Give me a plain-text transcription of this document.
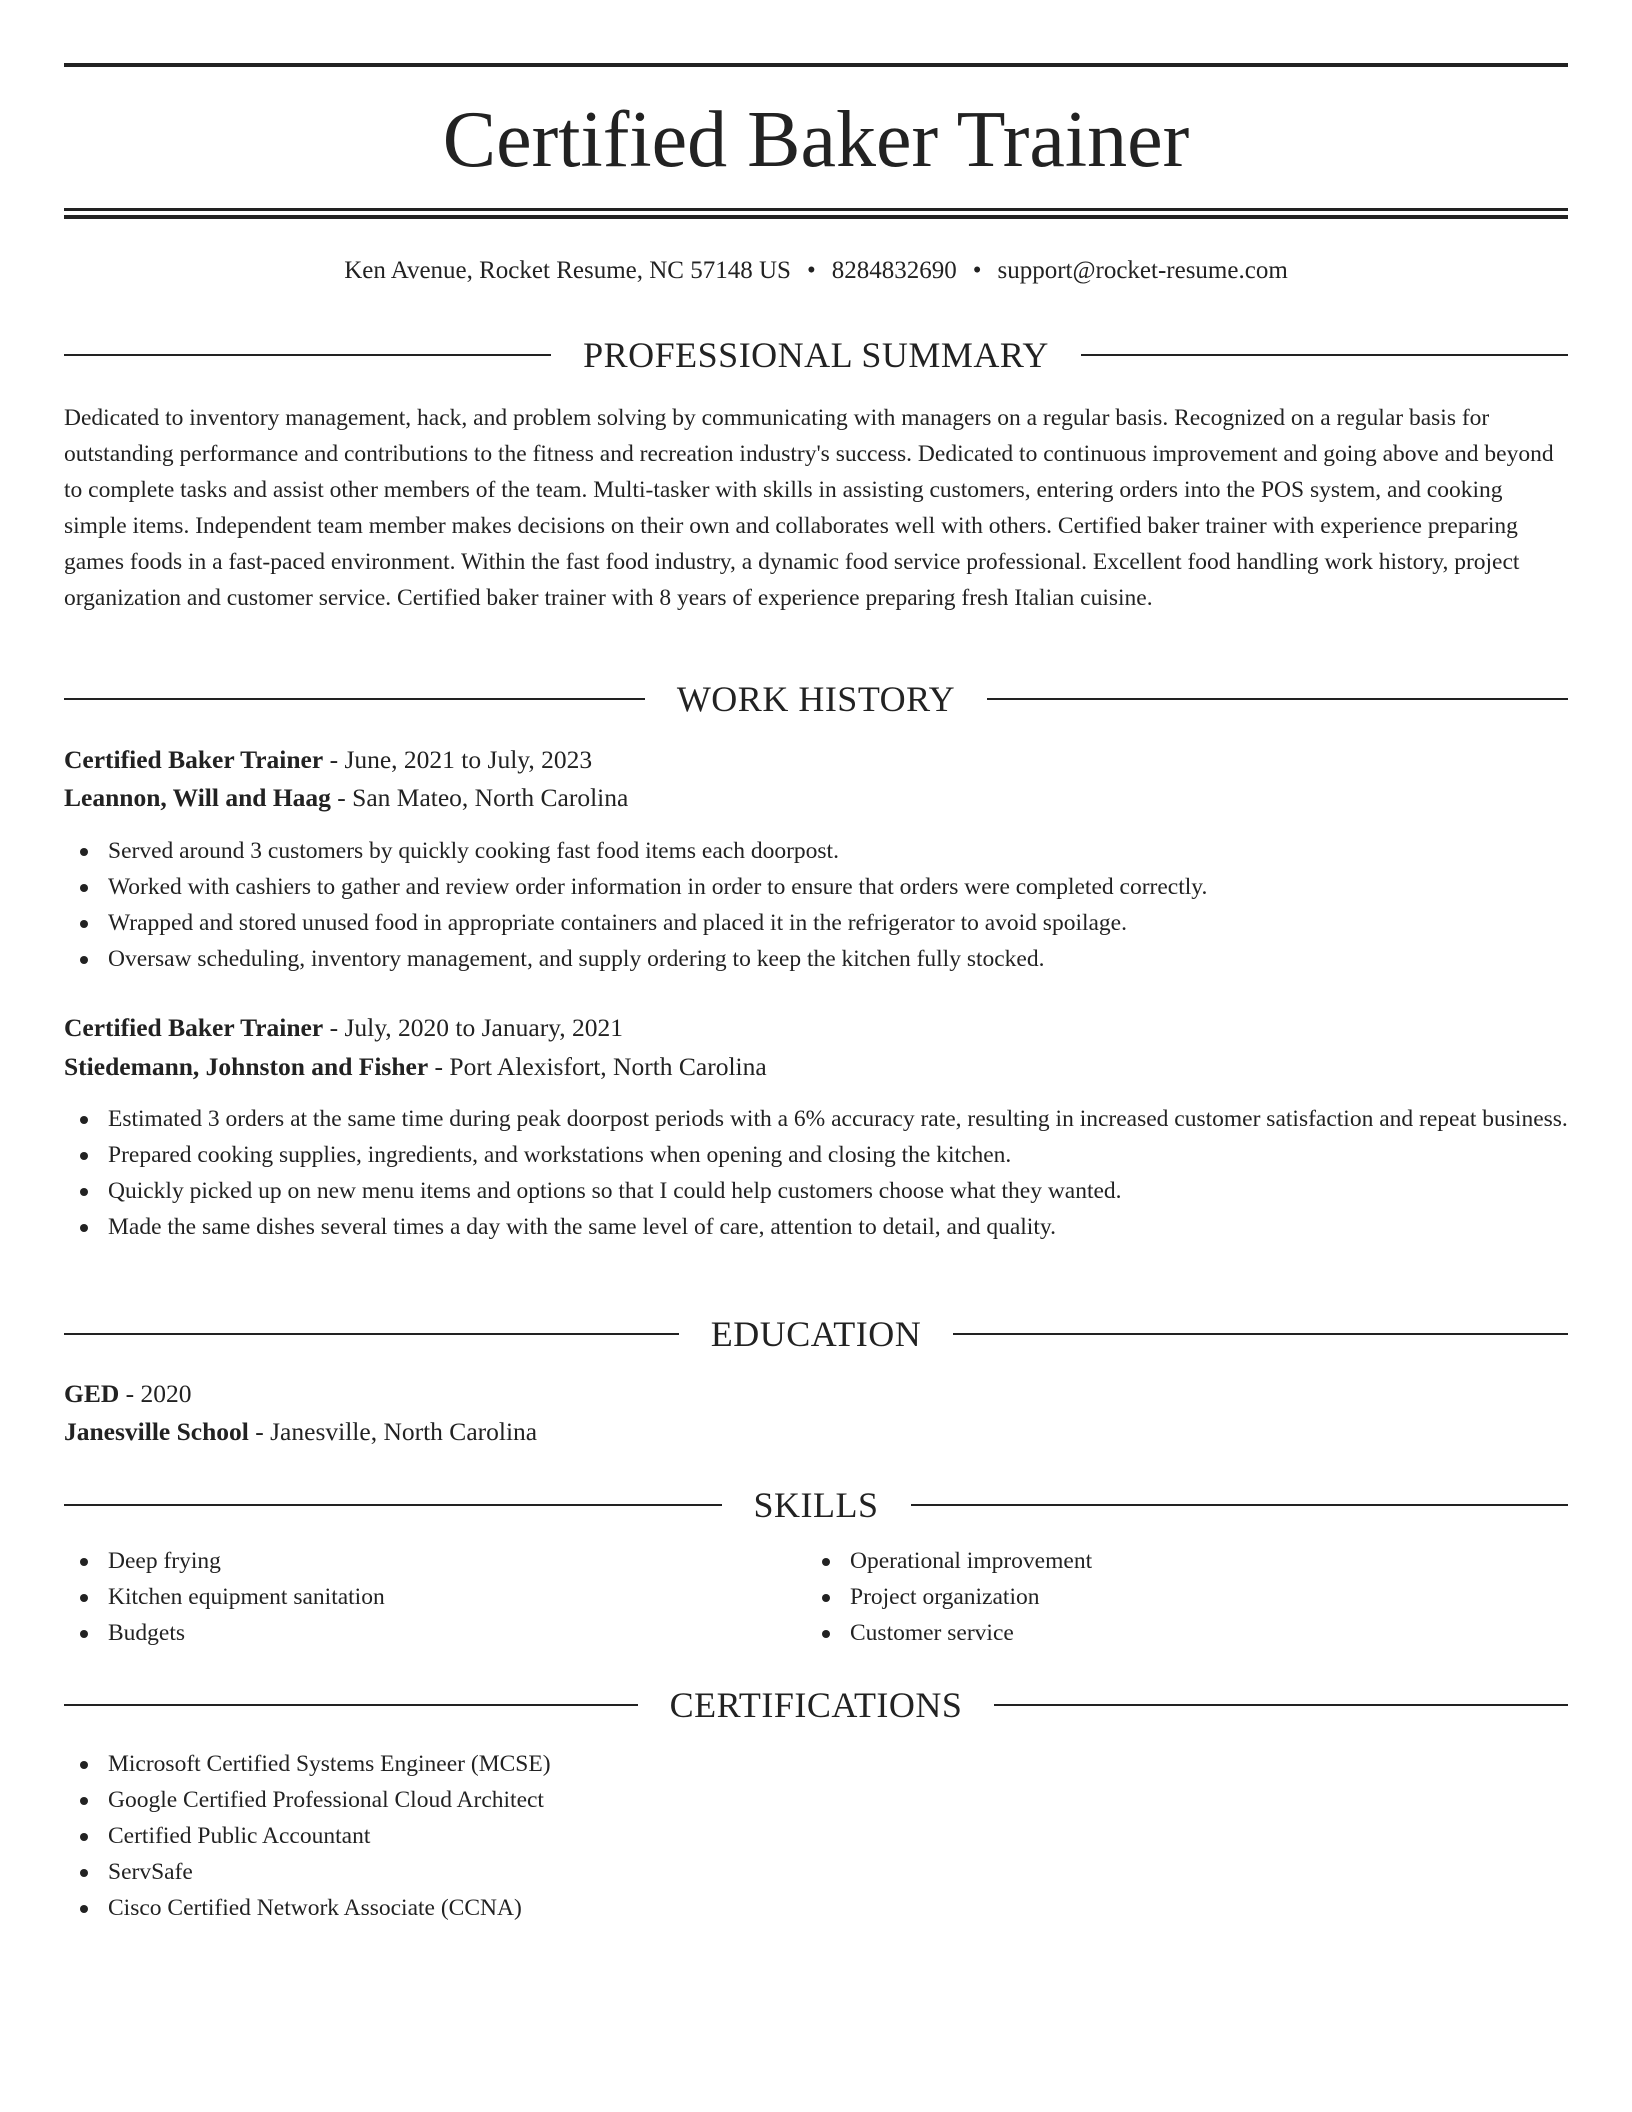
Certified Baker Trainer
Ken Avenue, Rocket Resume, NC 57148 US • 8284832690 • support@rocket-resume.com
PROFESSIONAL SUMMARY

Dedicated to inventory management, hack, and problem solving by communicating with managers on a regular basis. Recognized on a regular basis for outstanding performance and contributions to the fitness and recreation industry's success. Dedicated to continuous improvement and going above and beyond to complete tasks and assist other members of the team. Multi-tasker with skills in assisting customers, entering orders into the POS system, and cooking simple items. Independent team member makes decisions on their own and collaborates well with others. Certified baker trainer with experience preparing games foods in a fast-paced environment. Within the fast food industry, a dynamic food service professional. Excellent food handling work history, project organization and customer service. Certified baker trainer with 8 years of experience preparing fresh Italian cuisine.

WORK HISTORY
Certified Baker Trainer - June, 2021 to July, 2023
Leannon, Will and Haag - San Mateo, North Carolina
Served around 3 customers by quickly cooking fast food items each doorpost.
Worked with cashiers to gather and review order information in order to ensure that orders were completed correctly.
Wrapped and stored unused food in appropriate containers and placed it in the refrigerator to avoid spoilage.
Oversaw scheduling, inventory management, and supply ordering to keep the kitchen fully stocked.
Certified Baker Trainer - July, 2020 to January, 2021
Stiedemann, Johnston and Fisher - Port Alexisfort, North Carolina
Estimated 3 orders at the same time during peak doorpost periods with a 6% accuracy rate, resulting in increased customer satisfaction and repeat business.
Prepared cooking supplies, ingredients, and workstations when opening and closing the kitchen.
Quickly picked up on new menu items and options so that I could help customers choose what they wanted.
Made the same dishes several times a day with the same level of care, attention to detail, and quality.
EDUCATION
GED - 2020
Janesville School - Janesville, North Carolina
SKILLS
Deep frying
Kitchen equipment sanitation
Budgets
Operational improvement
Project organization
Customer service
CERTIFICATIONS
Microsoft Certified Systems Engineer (MCSE)
Google Certified Professional Cloud Architect
Certified Public Accountant
ServSafe
Cisco Certified Network Associate (CCNA)
